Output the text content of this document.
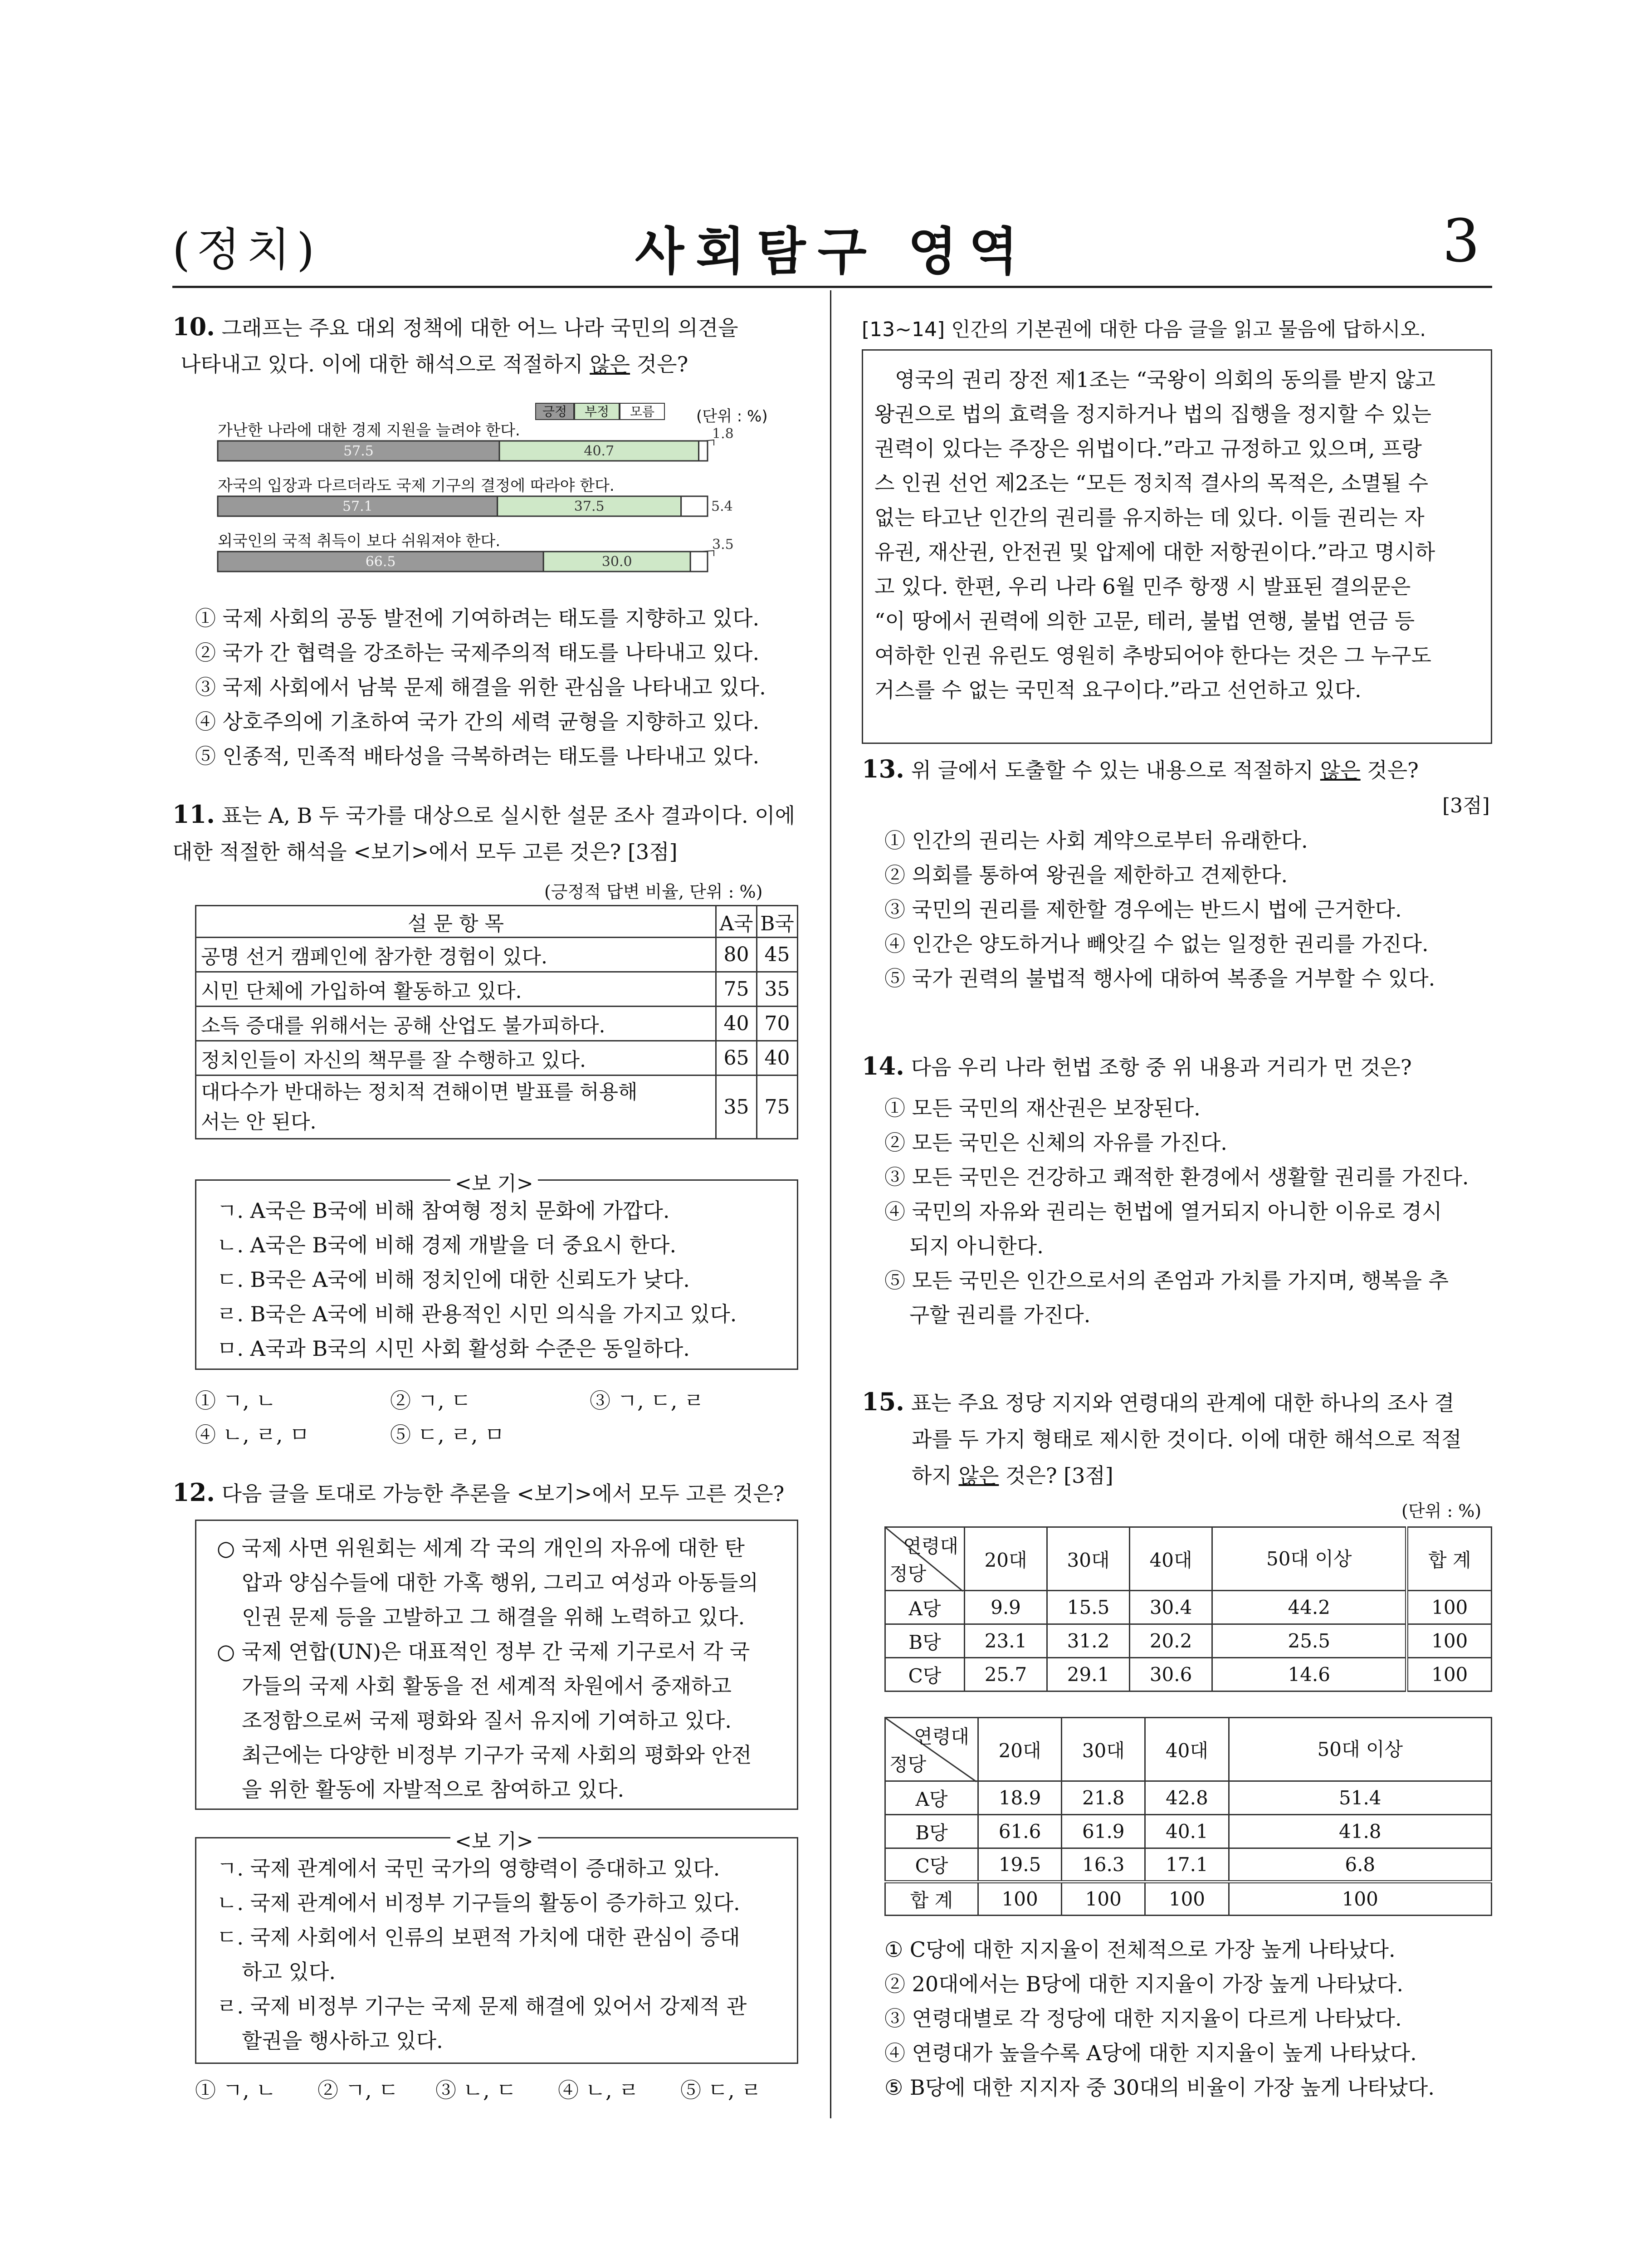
(정치)	사회탐구 영역	3
10. 그래프는 주요 대외 정책에 대한 어느 나라 국민의 의견을
나타내고 있다. 이에 대한 해석으로 적절하지 않은 것은?
긍정	부정	모름	(단위 : %)
가난한 나라에 대한 경제 지원을 늘려야 한다.
57.5	40.7
1.8
자국의 입장과 다르더라도 국제 기구의 결정에 따라야 한다.
57.1	37.5	5.4
외국인의 국적 취득이 보다 쉬워져야 한다.
66.5	30.0
3.5
① 국제 사회의 공동 발전에 기여하려는 태도를 지향하고 있다.
② 국가 간 협력을 강조하는 국제주의적 태도를 나타내고 있다.
③ 국제 사회에서 남북 문제 해결을 위한 관심을 나타내고 있다.
④ 상호주의에 기초하여 국가 간의 세력 균형을 지향하고 있다.
⑤ 인종적, 민족적 배타성을 극복하려는 태도를 나타내고 있다.
11. 표는 A, B 두 국가를 대상으로 실시한 설문 조사 결과이다. 이에
대한 적절한 해석을 <보기>에서 모두 고른 것은? [3점]
(긍정적 답변 비율, 단위 : %)
설 문 항 목	A국	B국
공명 선거 캠페인에 참가한 경험이 있다.	80	45
시민 단체에 가입하여 활동하고 있다.	75	35
소득 증대를 위해서는 공해 산업도 불가피하다.	40	70
정치인들이 자신의 책무를 잘 수행하고 있다.	65	40
대다수가 반대하는 정치적 견해이면 발표를 허용해서는 안 된다.	35	75
<보 기>
ㄱ. A국은 B국에 비해 참여형 정치 문화에 가깝다.
ㄴ. A국은 B국에 비해 경제 개발을 더 중요시 한다.
ㄷ. B국은 A국에 비해 정치인에 대한 신뢰도가 낮다.
ㄹ. B국은 A국에 비해 관용적인 시민 의식을 가지고 있다.
ㅁ. A국과 B국의 시민 사회 활성화 수준은 동일하다.
① ㄱ, ㄴ	② ㄱ, ㄷ	③ ㄱ, ㄷ, ㄹ
④ ㄴ, ㄹ, ㅁ	⑤ ㄷ, ㄹ, ㅁ
12. 다음 글을 토대로 가능한 추론을 <보기>에서 모두 고른 것은?
○ 국제 사면 위원회는 세계 각 국의 개인의 자유에 대한 탄
압과 양심수들에 대한 가혹 행위, 그리고 여성과 아동들의
인권 문제 등을 고발하고 그 해결을 위해 노력하고 있다.
○ 국제 연합(UN)은 대표적인 정부 간 국제 기구로서 각 국
가들의 국제 사회 활동을 전 세계적 차원에서 중재하고
조정함으로써 국제 평화와 질서 유지에 기여하고 있다.
최근에는 다양한 비정부 기구가 국제 사회의 평화와 안전
을 위한 활동에 자발적으로 참여하고 있다.
<보 기>
ㄱ. 국제 관계에서 국민 국가의 영향력이 증대하고 있다.
ㄴ. 국제 관계에서 비정부 기구들의 활동이 증가하고 있다.
ㄷ. 국제 사회에서 인류의 보편적 가치에 대한 관심이 증대
하고 있다.
ㄹ. 국제 비정부 기구는 국제 문제 해결에 있어서 강제적 관
할권을 행사하고 있다.
① ㄱ, ㄴ ② ㄱ, ㄷ ③ ㄴ, ㄷ ④ ㄴ, ㄹ ⑤ ㄷ, ㄹ
[13~14] 인간의 기본권에 대한 다음 글을 읽고 물음에 답하시오.
영국의 권리 장전 제1조는 “국왕이 의회의 동의를 받지 않고
왕권으로 법의 효력을 정지하거나 법의 집행을 정지할 수 있는
권력이 있다는 주장은 위법이다.”라고 규정하고 있으며, 프랑
스 인권 선언 제2조는 “모든 정치적 결사의 목적은, 소멸될 수
없는 타고난 인간의 권리를 유지하는 데 있다. 이들 권리는 자
유권, 재산권, 안전권 및 압제에 대한 저항권이다.”라고 명시하
고 있다. 한편, 우리 나라 6월 민주 항쟁 시 발표된 결의문은
“이 땅에서 권력에 의한 고문, 테러, 불법 연행, 불법 연금 등
여하한 인권 유린도 영원히 추방되어야 한다는 것은 그 누구도
거스를 수 없는 국민적 요구이다.”라고 선언하고 있다.
13. 위 글에서 도출할 수 있는 내용으로 적절하지 않은 것은?
[3점]
① 인간의 권리는 사회 계약으로부터 유래한다.
② 의회를 통하여 왕권을 제한하고 견제한다.
③ 국민의 권리를 제한할 경우에는 반드시 법에 근거한다.
④ 인간은 양도하거나 빼앗길 수 없는 일정한 권리를 가진다.
⑤ 국가 권력의 불법적 행사에 대하여 복종을 거부할 수 있다.
14. 다음 우리 나라 헌법 조항 중 위 내용과 거리가 먼 것은?
① 모든 국민의 재산권은 보장된다.
② 모든 국민은 신체의 자유를 가진다.
③ 모든 국민은 건강하고 쾌적한 환경에서 생활할 권리를 가진다.
④ 국민의 자유와 권리는 헌법에 열거되지 아니한 이유로 경시
되지 아니한다.
⑤ 모든 국민은 인간으로서의 존엄과 가치를 가지며, 행복을 추
구할 권리를 가진다.
15. 표는 주요 정당 지지와 연령대의 관계에 대한 하나의 조사 결
과를 두 가지 형태로 제시한 것이다. 이에 대한 해석으로 적절
하지 않은 것은? [3점]
(단위 : %)
연령대
정당	20대	30대	40대	50대 이상	합 계
A당	9.9	15.5	30.4	44.2	100
B당	23.1	31.2	20.2	25.5	100
C당	25.7	29.1	30.6	14.6	100
연령대
정당	20대	30대	40대	50대 이상
A당	18.9	21.8	42.8	51.4
B당	61.6	61.9	40.1	41.8
C당	19.5	16.3	17.1	6.8
합 계	100	100	100	100
① C당에 대한 지지율이 전체적으로 가장 높게 나타났다.
② 20대에서는 B당에 대한 지지율이 가장 높게 나타났다.
③ 연령대별로 각 정당에 대한 지지율이 다르게 나타났다.
④ 연령대가 높을수록 A당에 대한 지지율이 높게 나타났다.
⑤ B당에 대한 지지자 중 30대의 비율이 가장 높게 나타났다.
